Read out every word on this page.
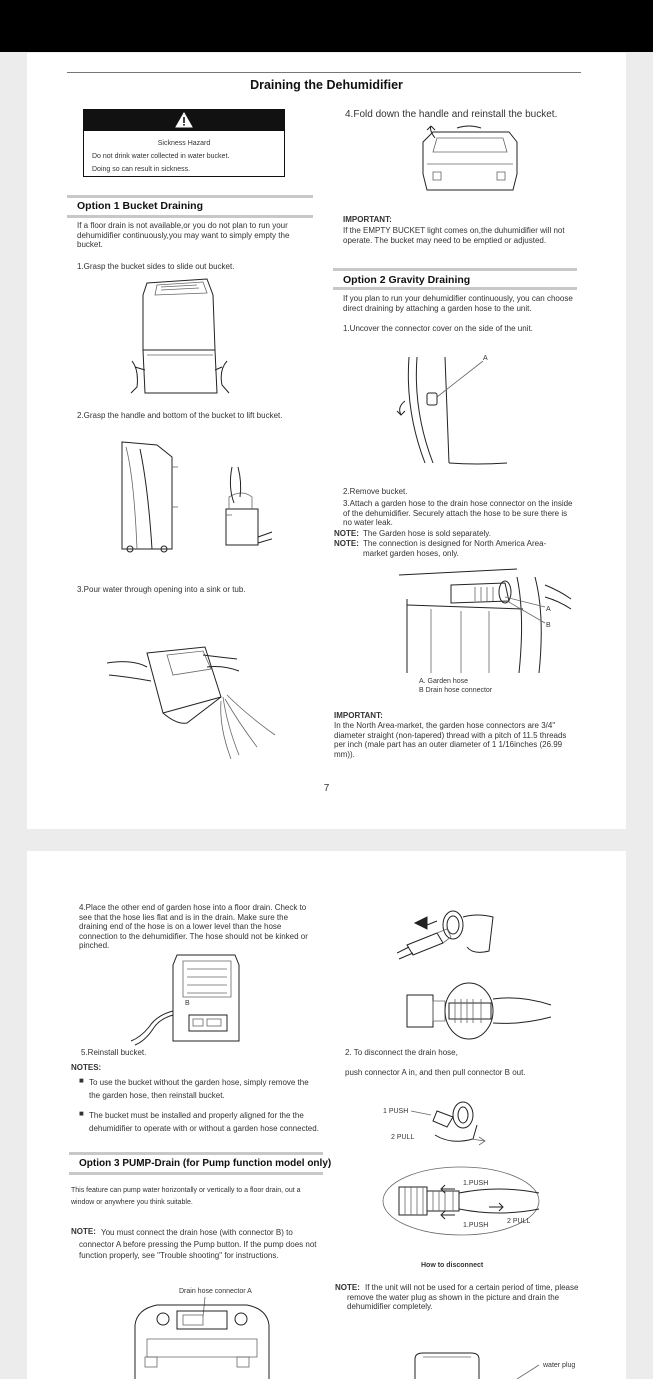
Draining the Dehumidifier
Sickness Hazard
Do not drink water collected in water bucket.
Doing so can result in sickness.
Option 1 Bucket Draining
If a floor drain is not available,or you do not plan to run your dehumidifier continuously,you may want to simply empty the bucket.
1.Grasp the bucket sides to slide out bucket.
2.Grasp the handle and bottom of the bucket to lift bucket.
3.Pour water through opening into a sink or tub.
4.Fold down the handle and reinstall the bucket.
IMPORTANT:
If the EMPTY BUCKET light comes on,the duhumidifier will not operate. The bucket may need to be emptied or adjusted.
Option 2 Gravity Draining
If you plan to run your dehumidifier continuously, you can choose direct draining by attaching a garden hose to the unit.
1.Uncover the connector cover on the side of the unit.
A
2.Remove bucket.
3.Attach a garden hose to the drain hose connector on the inside of the dehumidifier. Securely attach the hose to be sure there is no water leak.
NOTE: The Garden hose is sold separately.
NOTE: The connection is designed for North America Area-market garden hoses, only.
A
B
A. Garden hose
B Drain hose connector
IMPORTANT:
In the North Area-market, the garden hose connectors are 3/4" diameter straight (non-tapered) thread with a pitch of 11.5 threads per inch (male part has an outer diameter of 1 1/16inches (26.99 mm)).
7
4.Place the other end of garden hose into a floor drain. Check to see that the hose lies flat and is in the drain. Make sure the draining end of the hose is on a lower level than the hose connection to the dehumidifier. The hose should not be kinked or pinched.
B
5.Reinstall bucket.
NOTES:
■ To use the bucket without the garden hose, simply remove the the garden hose, then reinstall bucket.
■ The bucket must be installed and properly aligned for the the dehumidifier to operate with or without a garden hose connected.
Option 3 PUMP-Drain (for Pump function model only)
This feature can pump water horizontally or vertically to a floor drain, out a window or anywhere you think suitable.
NOTE: You must connect the drain hose (with connector B) to connector A before pressing the Pump button. If the pump does not function properly, see "Trouble shooting" for instructions.
Drain hose connector A
2. To disconnect the drain hose,
push connector A in, and then pull connector B out.
1 PUSH
2 PULL
1.PUSH
1.PUSH
2 PULL
How to disconnect
NOTE: If the unit will not be used for a certain period of time, please remove the water plug as shown in the picture and drain the dehumidifier completely.
water plug
